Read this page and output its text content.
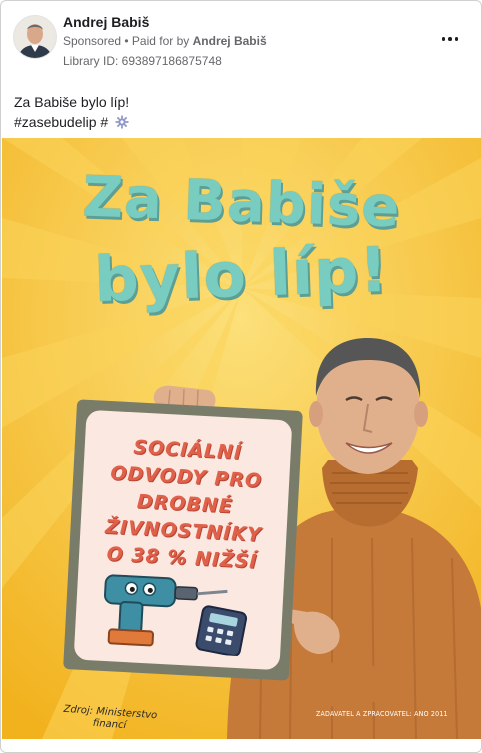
Andrej Babiš
Sponsored • Paid for by Andrej Babiš
Library ID: 693897186875748
Za Babiše bylo líp!
#zasebudelip #
Za Babiše
bylo líp!
SOCIÁLNÍ
ODVODY PRO
DROBNÉ
ŽIVNOSTNÍKY
O 38 % NIŽŠÍ
Zdroj: Ministerstvo
financí
ZADAVATEL A ZPRACOVATEL: ANO 2011
